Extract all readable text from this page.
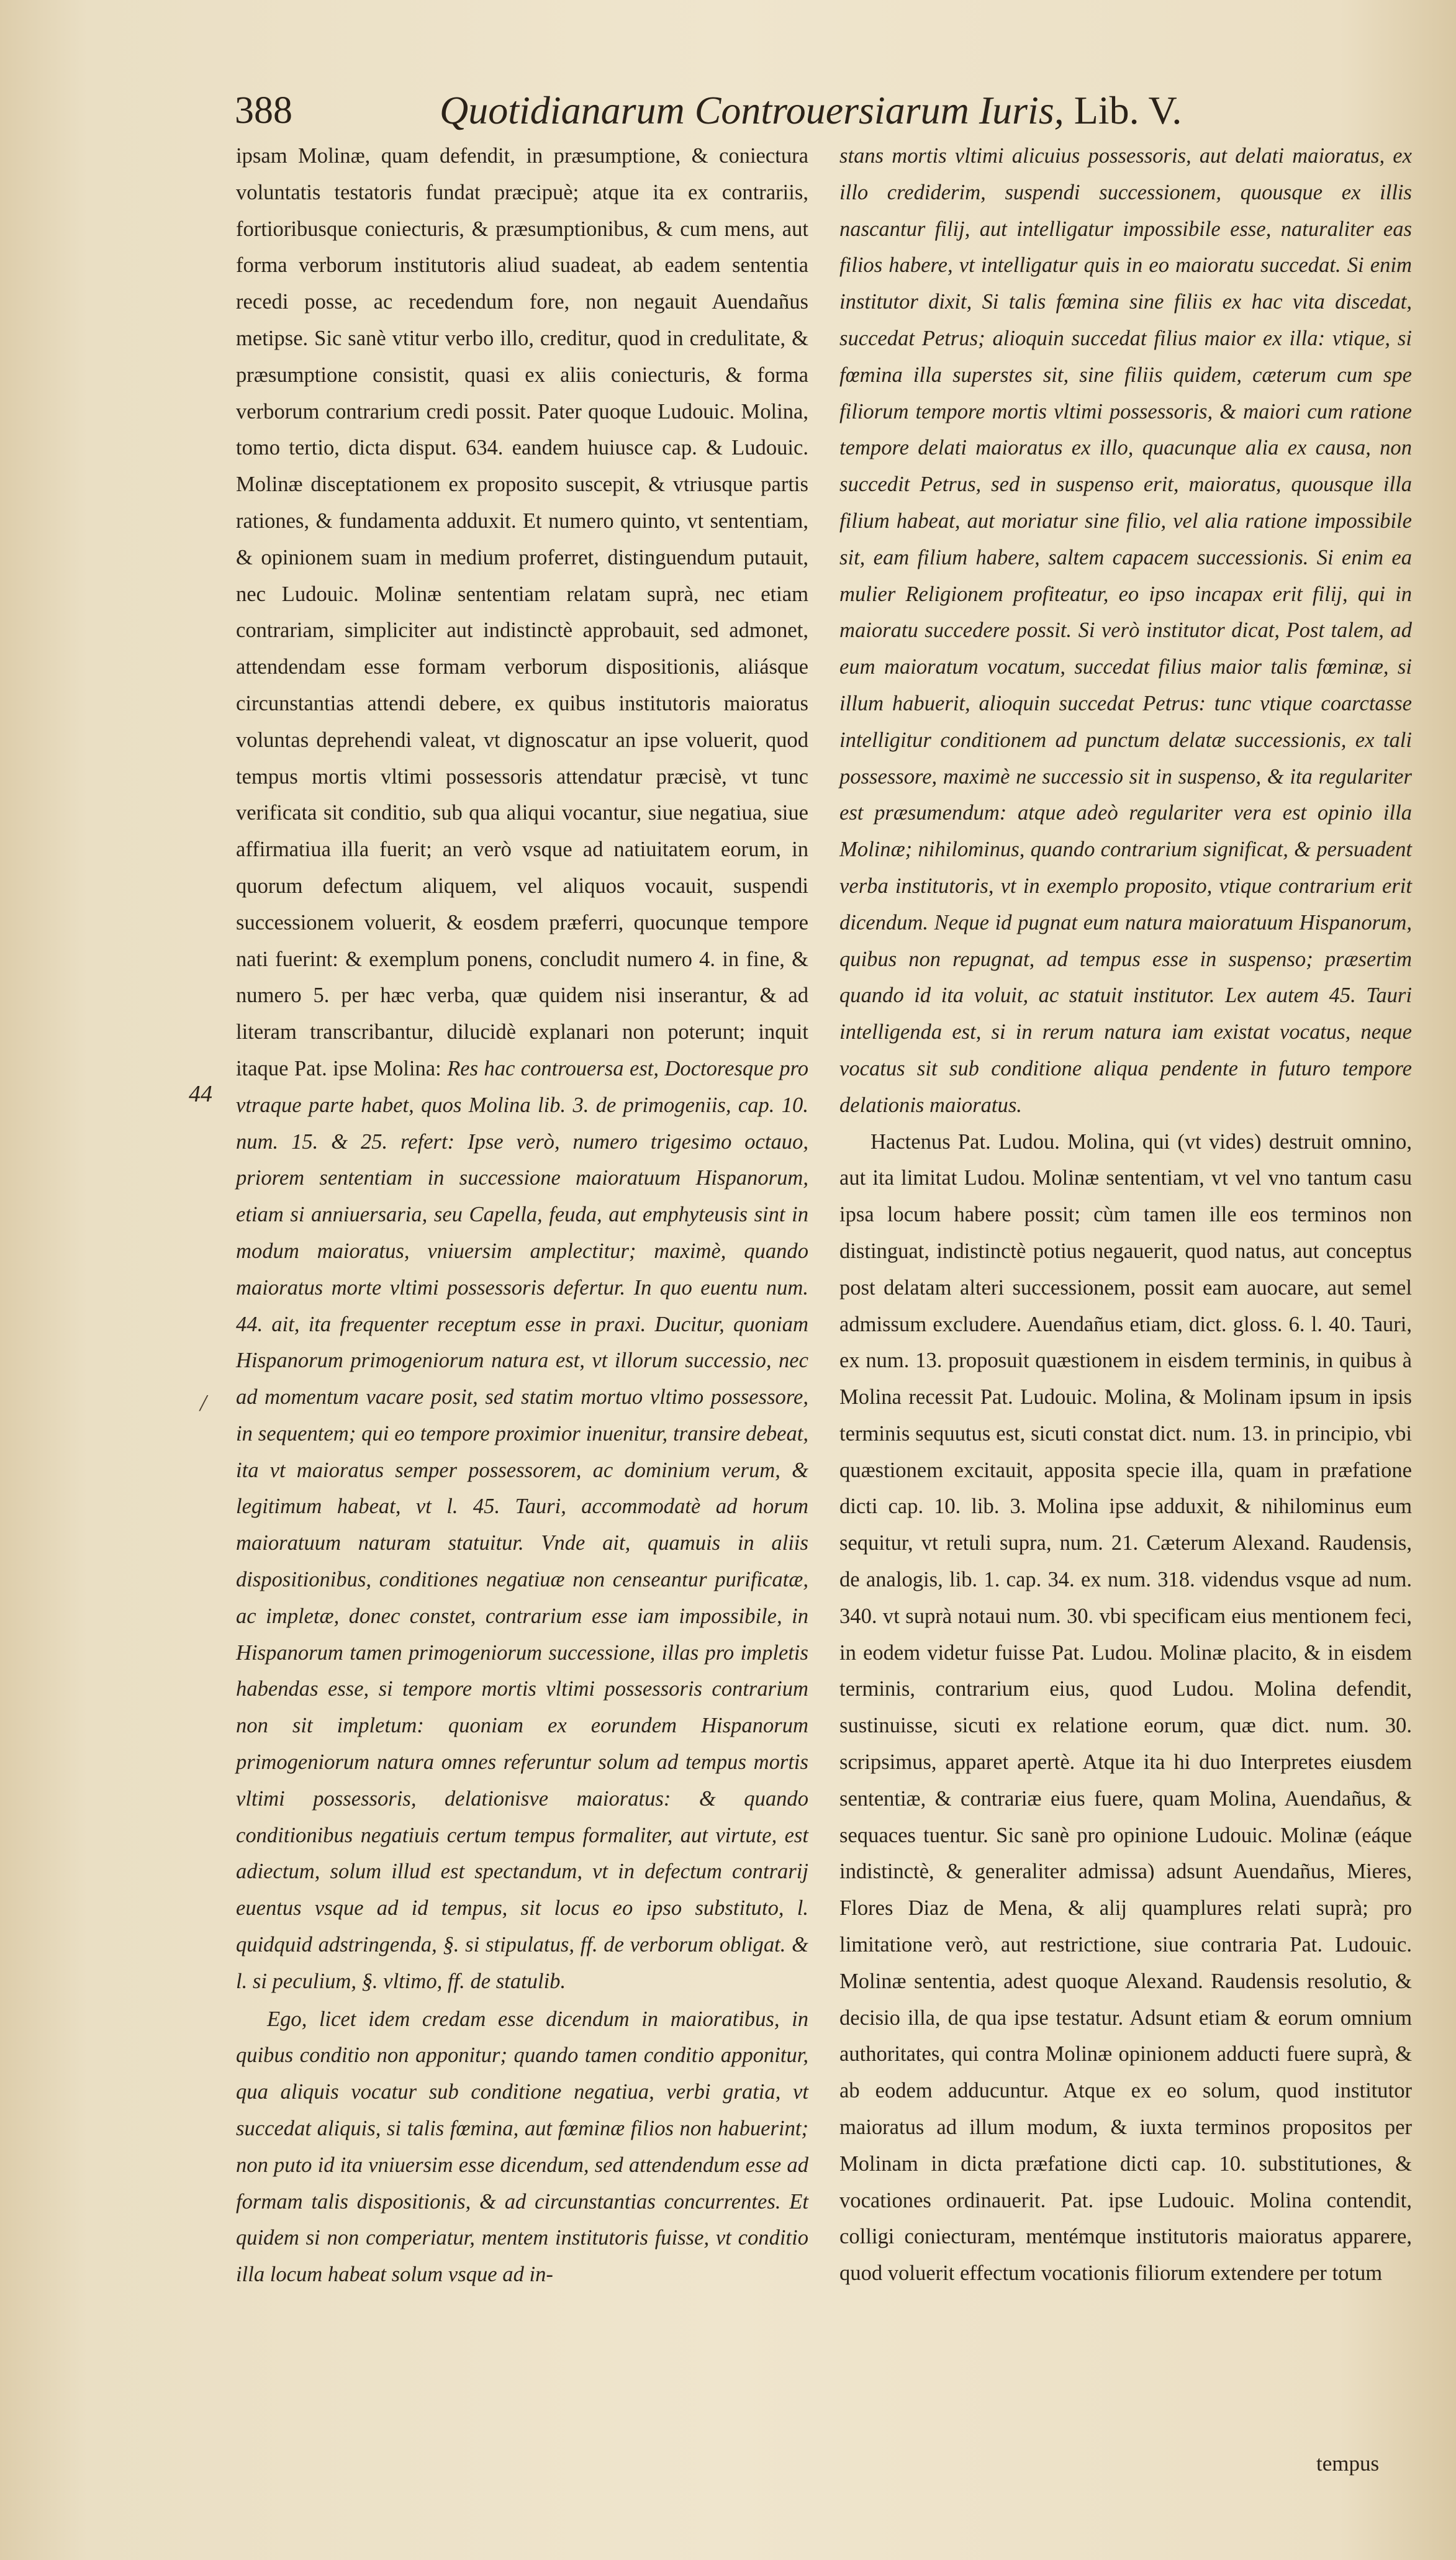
388	Quotidianarum Controuersiarum Iuris, Lib. V.
44
/

ipsam Molinæ, quam defendit, in præsumptione, & coniectura voluntatis testatoris fundat præcipuè; atque ita ex contrariis, fortioribusque coniecturis, & præsumptionibus, & cum mens, aut forma verborum institutoris aliud suadeat, ab eadem sententia recedi posse, ac recedendum fore, non negauit Auendañus metipse. Sic sanè vtitur verbo illo, creditur, quod in credulitate, & præsumptione consistit, quasi ex aliis coniecturis, & forma verborum contrarium credi possit. Pater quoque Ludouic. Molina, tomo tertio, dicta disput. 634. eandem huiusce cap. & Ludouic. Molinæ disceptationem ex proposito suscepit, & vtriusque partis rationes, & fundamenta adduxit. Et numero quinto, vt sententiam, & opinionem suam in medium proferret, distinguendum putauit, nec Ludouic. Molinæ sententiam relatam suprà, nec etiam contrariam, simpliciter aut indistinctè approbauit, sed admonet, attendendam esse formam verborum dispositionis, aliásque circunstantias attendi debere, ex quibus institutoris maioratus voluntas deprehendi valeat, vt dignoscatur an ipse voluerit, quod tempus mortis vltimi possessoris attendatur præcisè, vt tunc verificata sit conditio, sub qua aliqui vocantur, siue negatiua, siue affirmatiua illa fuerit; an verò vsque ad natiuitatem eorum, in quorum defectum aliquem, vel aliquos vocauit, suspendi successionem voluerit, & eosdem præferri, quocunque tempore nati fuerint: & exemplum ponens, concludit numero 4. in fine, & numero 5. per hæc verba, quæ quidem nisi inserantur, & ad literam transcribantur, dilucidè explanari non poterunt; inquit itaque Pat. ipse Molina: Res hac controuersa est, Doctoresque pro vtraque parte habet, quos Molina lib. 3. de primogeniis, cap. 10. num. 15. & 25. refert: Ipse verò, numero trigesimo octauo, priorem sententiam in successione maioratuum Hispanorum, etiam si anniuersaria, seu Capella, feuda, aut emphyteusis sint in modum maioratus, vniuersim amplectitur; maximè, quando maioratus morte vltimi possessoris defertur. In quo euentu num. 44. ait, ita frequenter receptum esse in praxi. Ducitur, quoniam Hispanorum primogeniorum natura est, vt illorum successio, nec ad momentum vacare posit, sed statim mortuo vltimo possessore, in sequentem; qui eo tempore proximior inuenitur, transire debeat, ita vt maioratus semper possessorem, ac dominium verum, & legitimum habeat, vt l. 45. Tauri, accommodatè ad horum maioratuum naturam statuitur. Vnde ait, quamuis in aliis dispositionibus, conditiones negatiuæ non censeantur purificatæ, ac impletæ, donec constet, contrarium esse iam impossibile, in Hispanorum tamen primogeniorum successione, illas pro impletis habendas esse, si tempore mortis vltimi possessoris contrarium non sit impletum: quoniam ex eorundem Hispanorum primogeniorum natura omnes referuntur solum ad tempus mortis vltimi possessoris, delationisve maioratus: & quando conditionibus negatiuis certum tempus formaliter, aut virtute, est adiectum, solum illud est spectandum, vt in defectum contrarij euentus vsque ad id tempus, sit locus eo ipso substituto, l. quidquid adstringenda, §. si stipulatus, ff. de verborum obligat. & l. si peculium, §. vltimo, ff. de statulib.

Ego, licet idem credam esse dicendum in maioratibus, in quibus conditio non apponitur; quando tamen conditio apponitur, qua aliquis vocatur sub conditione negatiua, verbi gratia, vt succedat aliquis, si talis fœmina, aut fœminæ filios non habuerint; non puto id ita vniuersim esse dicendum, sed attendendum esse ad formam talis dispositionis, & ad circunstantias concurrentes. Et quidem si non comperiatur, mentem institutoris fuisse, vt conditio illa locum habeat solum vsque ad in-

stans mortis vltimi alicuius possessoris, aut delati maioratus, ex illo crediderim, suspendi successionem, quousque ex illis nascantur filij, aut intelligatur impossibile esse, naturaliter eas filios habere, vt intelligatur quis in eo maioratu succedat. Si enim institutor dixit, Si talis fœmina sine filiis ex hac vita discedat, succedat Petrus; alioquin succedat filius maior ex illa: vtique, si fœmina illa superstes sit, sine filiis quidem, cæterum cum spe filiorum tempore mortis vltimi possessoris, & maiori cum ratione tempore delati maioratus ex illo, quacunque alia ex causa, non succedit Petrus, sed in suspenso erit, maioratus, quousque illa filium habeat, aut moriatur sine filio, vel alia ratione impossibile sit, eam filium habere, saltem capacem successionis. Si enim ea mulier Religionem profiteatur, eo ipso incapax erit filij, qui in maioratu succedere possit. Si verò institutor dicat, Post talem, ad eum maioratum vocatum, succedat filius maior talis fœminæ, si illum habuerit, alioquin succedat Petrus: tunc vtique coarctasse intelligitur conditionem ad punctum delatæ successionis, ex tali possessore, maximè ne successio sit in suspenso, & ita regulariter est præsumendum: atque adeò regulariter vera est opinio illa Molinæ; nihilominus, quando contrarium significat, & persuadent verba institutoris, vt in exemplo proposito, vtique contrarium erit dicendum. Neque id pugnat eum natura maioratuum Hispanorum, quibus non repugnat, ad tempus esse in suspenso; præsertim quando id ita voluit, ac statuit institutor. Lex autem 45. Tauri intelligenda est, si in rerum natura iam existat vocatus, neque vocatus sit sub conditione aliqua pendente in futuro tempore delationis maioratus.

Hactenus Pat. Ludou. Molina, qui (vt vides) destruit omnino, aut ita limitat Ludou. Molinæ sententiam, vt vel vno tantum casu ipsa locum habere possit; cùm tamen ille eos terminos non distinguat, indistinctè potius negauerit, quod natus, aut conceptus post delatam alteri successionem, possit eam auocare, aut semel admissum excludere. Auendañus etiam, dict. gloss. 6. l. 40. Tauri, ex num. 13. proposuit quæstionem in eisdem terminis, in quibus à Molina recessit Pat. Ludouic. Molina, & Molinam ipsum in ipsis terminis sequutus est, sicuti constat dict. num. 13. in principio, vbi quæstionem excitauit, apposita specie illa, quam in præfatione dicti cap. 10. lib. 3. Molina ipse adduxit, & nihilominus eum sequitur, vt retuli supra, num. 21. Cæterum Alexand. Raudensis, de analogis, lib. 1. cap. 34. ex num. 318. videndus vsque ad num. 340. vt suprà notaui num. 30. vbi specificam eius mentionem feci, in eodem videtur fuisse Pat. Ludou. Molinæ placito, & in eisdem terminis, contrarium eius, quod Ludou. Molina defendit, sustinuisse, sicuti ex relatione eorum, quæ dict. num. 30. scripsimus, apparet apertè. Atque ita hi duo Interpretes eiusdem sententiæ, & contrariæ eius fuere, quam Molina, Auendañus, & sequaces tuentur. Sic sanè pro opinione Ludouic. Molinæ (eáque indistinctè, & generaliter admissa) adsunt Auendañus, Mieres, Flores Diaz de Mena, & alij quamplures relati suprà; pro limitatione verò, aut restrictione, siue contraria Pat. Ludouic. Molinæ sententia, adest quoque Alexand. Raudensis resolutio, & decisio illa, de qua ipse testatur. Adsunt etiam & eorum omnium authoritates, qui contra Molinæ opinionem adducti fuere suprà, & ab eodem adducuntur. Atque ex eo solum, quod institutor maioratus ad illum modum, & iuxta terminos propositos per Molinam in dicta præfatione dicti cap. 10. substitutiones, & vocationes ordinauerit. Pat. ipse Ludouic. Molina contendit, colligi coniecturam, mentémque institutoris maioratus apparere, quod voluerit effectum vocationis filiorum extendere per totum

tempus
